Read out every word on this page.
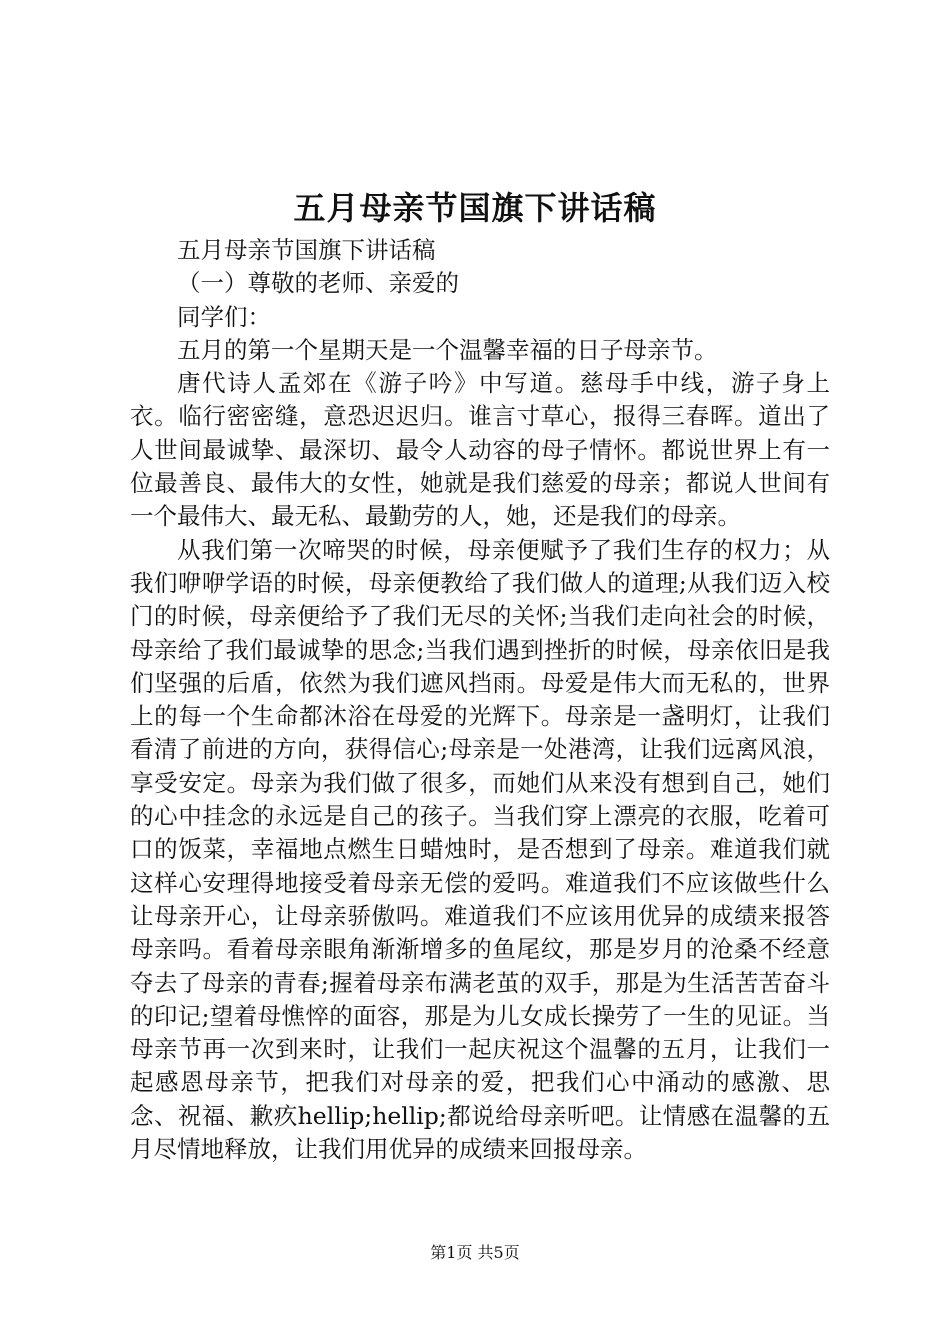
五月母亲节国旗下讲话稿

五月母亲节国旗下讲话稿

（一）尊敬的老师、亲爱的

同学们：

五月的第一个星期天是一个温馨幸福的日子母亲节。

唐代诗人孟郊在《游子吟》中写道。慈母手中线，游子身上衣。临行密密缝，意恐迟迟归。谁言寸草心，报得三春晖。道出了人世间最诚挚、最深切、最令人动容的母子情怀。都说世界上有一位最善良、最伟大的女性，她就是我们慈爱的母亲；都说人世间有一个最伟大、最无私、最勤劳的人，她，还是我们的母亲。

从我们第一次啼哭的时候，母亲便赋予了我们生存的权力；从我们咿咿学语的时候，母亲便教给了我们做人的道理;从我们迈入校门的时候，母亲便给予了我们无尽的关怀;当我们走向社会的时候，母亲给了我们最诚挚的思念;当我们遇到挫折的时候，母亲依旧是我们坚强的后盾，依然为我们遮风挡雨。母爱是伟大而无私的，世界上的每一个生命都沐浴在母爱的光辉下。母亲是一盏明灯，让我们看清了前进的方向，获得信心;母亲是一处港湾，让我们远离风浪，享受安定。母亲为我们做了很多，而她们从来没有想到自己，她们的心中挂念的永远是自己的孩子。当我们穿上漂亮的衣服，吃着可口的饭菜，幸福地点燃生日蜡烛时，是否想到了母亲。难道我们就这样心安理得地接受着母亲无偿的爱吗。难道我们不应该做些什么让母亲开心，让母亲骄傲吗。难道我们不应该用优异的成绩来报答母亲吗。看着母亲眼角渐渐增多的鱼尾纹，那是岁月的沧桑不经意夺去了母亲的青春;握着母亲布满老茧的双手，那是为生活苦苦奋斗的印记;望着母憔悴的面容，那是为儿女成长操劳了一生的见证。当母亲节再一次到来时，让我们一起庆祝这个温馨的五月，让我们一起感恩母亲节，把我们对母亲的爱，把我们心中涌动的感激、思念、祝福、歉疚hellip;hellip;都说给母亲听吧。让情感在温馨的五月尽情地释放，让我们用优异的成绩来回报母亲。

第1页 共5页
